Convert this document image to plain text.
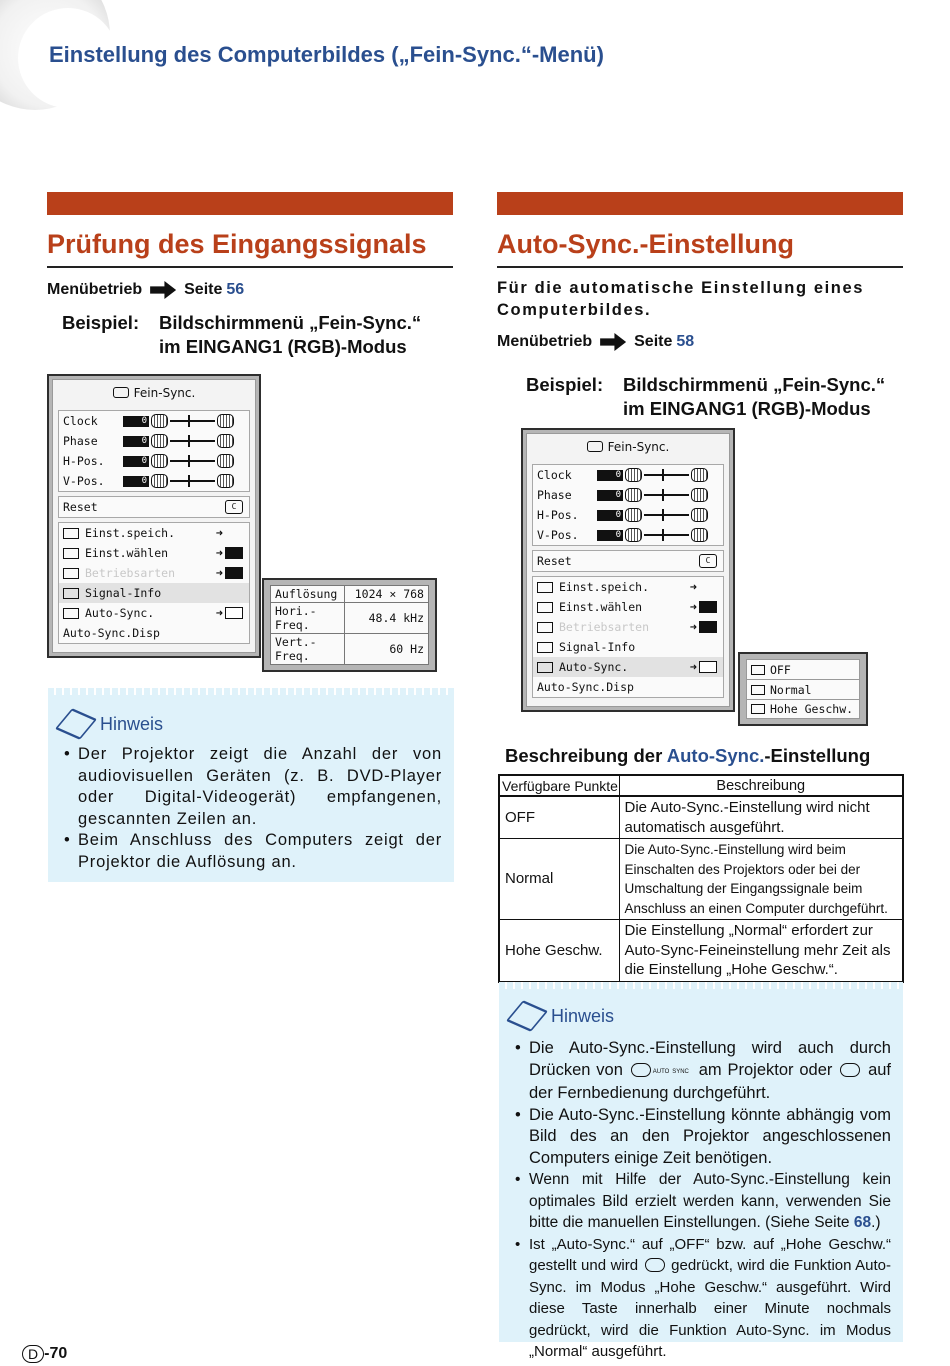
Einstellung des Computerbildes („Fein-Sync.“-Menü)
Prüfung des Eingangssignals
Menübetrieb	Seite 56
Beispiel:	Bildschirmmenü „Fein-Sync.“
im EINGANG1 (RGB)-Modus
Fein-Sync.
Clock	0
Phase	0
H-Pos.	0
V-Pos.	0
Reset	C
Einst.speich.	➜
Einst.wählen	➜
Betriebsarten	➜
Signal-Info
Auto-Sync.	➜
Auto-Sync.Disp
Auflösung	1024 × 768
Hori.-Freq.	48.4 kHz
Vert.-Freq.	60 Hz
Hinweis
• Der Projektor zeigt die Anzahl der von audiovisuellen Geräten (z. B. DVD-Player oder Digital-Videogerät) empfangenen, gescannten Zeilen an.
• Beim Anschluss des Computers zeigt der Projektor die Auflösung an.
Auto-Sync.-Einstellung
Für die automatische Einstellung eines Computerbildes.
Menübetrieb	Seite 58
Beispiel:	Bildschirmmenü „Fein-Sync.“
im EINGANG1 (RGB)-Modus
Fein-Sync.
Clock	0
Phase	0
H-Pos.	0
V-Pos.	0
Reset	C
Einst.speich.	➜
Einst.wählen	➜
Betriebsarten	➜
Signal-Info
Auto-Sync.	➜
Auto-Sync.Disp
OFF
Normal
Hohe Geschw.
Beschreibung der Auto-Sync.-Einstellung
Verfügbare Punkte	Beschreibung
OFF	Die Auto-Sync.-Einstellung wird nicht automatisch ausgeführt.
Normal	Die Auto-Sync.-Einstellung wird beim Einschalten des Projektors oder bei der Umschaltung der Eingangssignale beim Anschluss an einen Computer durchgeführt.
Hohe Geschw.	Die Einstellung „Normal“ erfordert zur Auto-Sync-Feineinstellung mehr Zeit als die Einstellung „Hohe Geschw.“.
Hinweis
• Die Auto-Sync.-Einstellung wird auch durch Drücken von	AUTO SYNC am Projektor oder auf der Fernbedienung durchgeführt.
• Die Auto-Sync.-Einstellung könnte abhängig vom Bild des an den Projektor angeschlossenen Computers einige Zeit benötigen.
• Wenn mit Hilfe der Auto-Sync.-Einstellung kein optimales Bild erzielt werden kann, verwenden Sie bitte die manuellen Einstellungen. (Siehe Seite 68.)
• Ist „Auto-Sync.“ auf „OFF“ bzw. auf „Hohe Geschw.“ gestellt und wird gedrückt, wird die Funktion Auto-Sync. im Modus „Hohe Geschw.“ ausgeführt. Wird diese Taste innerhalb einer Minute nochmals gedrückt, wird die Funktion Auto-Sync. im Modus „Normal“ ausgeführt.
D -70
